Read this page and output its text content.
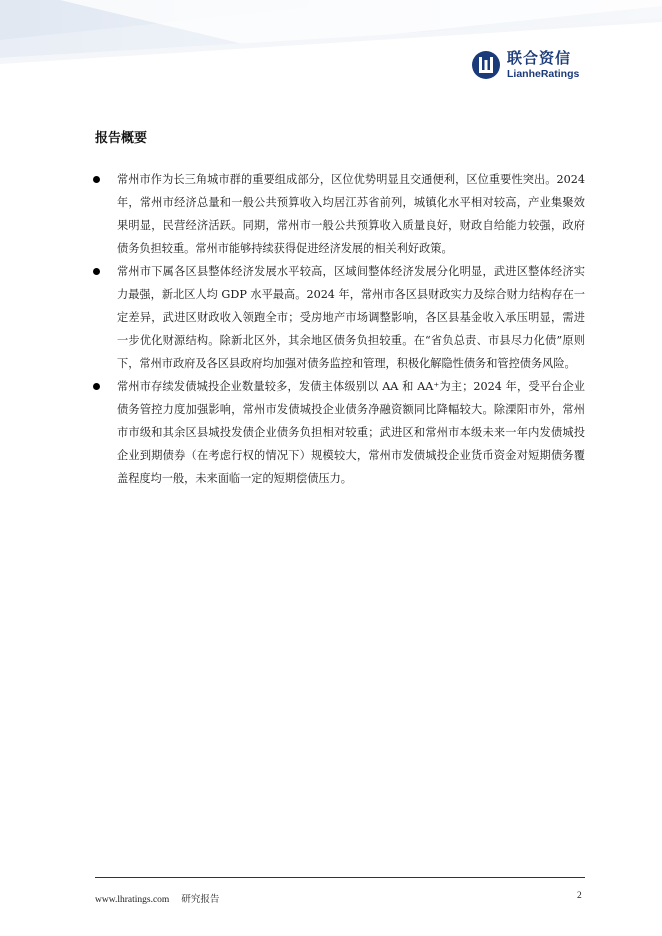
联合资信
LianheRatings
报告概要
常州市作为长三角城市群的重要组成部分，区位优势明显且交通便利，区位重要性突出。2024年，常州市经济总量和一般公共预算收入均居江苏省前列，城镇化水平相对较高，产业集聚效果明显，民营经济活跃。同期，常州市一般公共预算收入质量良好，财政自给能力较强，政府债务负担较重。常州市能够持续获得促进经济发展的相关利好政策。
常州市下属各区县整体经济发展水平较高，区域间整体经济发展分化明显，武进区整体经济实力最强，新北区人均 GDP 水平最高。2024 年，常州市各区县财政实力及综合财力结构存在一定差异，武进区财政收入领跑全市；受房地产市场调整影响，各区县基金收入承压明显，需进一步优化财源结构。除新北区外，其余地区债务负担较重。在“省负总责、市县尽力化债”原则下，常州市政府及各区县政府均加强对债务监控和管理，积极化解隐性债务和管控债务风险。
常州市存续发债城投企业数量较多，发债主体级别以 AA 和 AA⁺为主；2024 年，受平台企业债务管控力度加强影响，常州市发债城投企业债务净融资额同比降幅较大。除溧阳市外，常州市市级和其余区县城投发债企业债务负担相对较重；武进区和常州市本级未来一年内发债城投企业到期债券（在考虑行权的情况下）规模较大，常州市发债城投企业货币资金对短期债务覆盖程度均一般，未来面临一定的短期偿债压力。
www.lhratings.com 研究报告	2
